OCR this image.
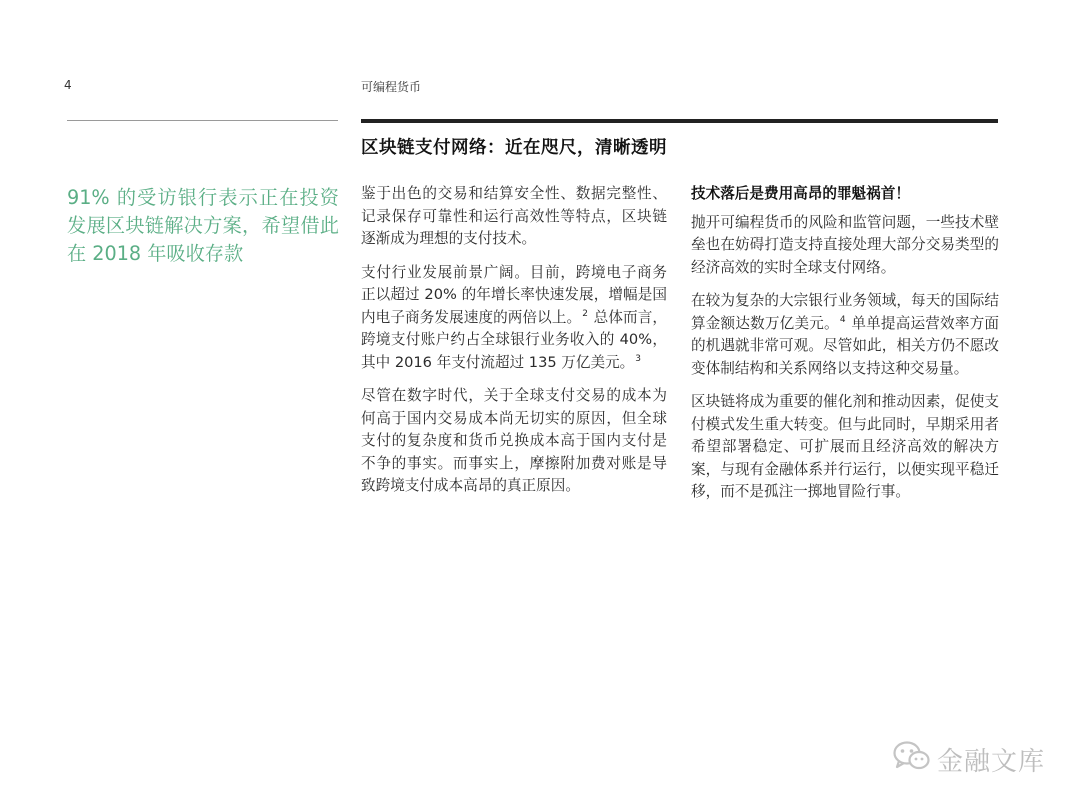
4	可编程货币
区块链支付网络：近在咫尺，清晰透明
91% 的受访银行表示正在投资发展区块链解决方案，希望借此在 2018 年吸收存款

鉴于出色的交易和结算安全性、数据完整性、记录保存可靠性和运行高效性等特点，区块链逐渐成为理想的支付技术。

支付行业发展前景广阔。目前，跨境电子商务正以超过 20% 的年增长率快速发展，增幅是国内电子商务发展速度的两倍以上。$^2$ 总体而言，跨境支付账户约占全球银行业务收入的 40%，其中 2016 年支付流超过 135 万亿美元。$^3$

尽管在数字时代，关于全球支付交易的成本为何高于国内交易成本尚无切实的原因，但全球支付的复杂度和货币兑换成本高于国内支付是不争的事实。而事实上，摩擦附加费对账是导致跨境支付成本高昂的真正原因。

技术落后是费用高昂的罪魁祸首！

抛开可编程货币的风险和监管问题，一些技术壁垒也在妨碍打造支持直接处理大部分交易类型的经济高效的实时全球支付网络。

在较为复杂的大宗银行业务领域，每天的国际结算金额达数万亿美元。$^4$ 单单提高运营效率方面的机遇就非常可观。尽管如此，相关方仍不愿改变体制结构和关系网络以支持这种交易量。

区块链将成为重要的催化剂和推动因素，促使支付模式发生重大转变。但与此同时，早期采用者希望部署稳定、可扩展而且经济高效的解决方案，与现有金融体系并行运行，以便实现平稳迁移，而不是孤注一掷地冒险行事。

金融文库
